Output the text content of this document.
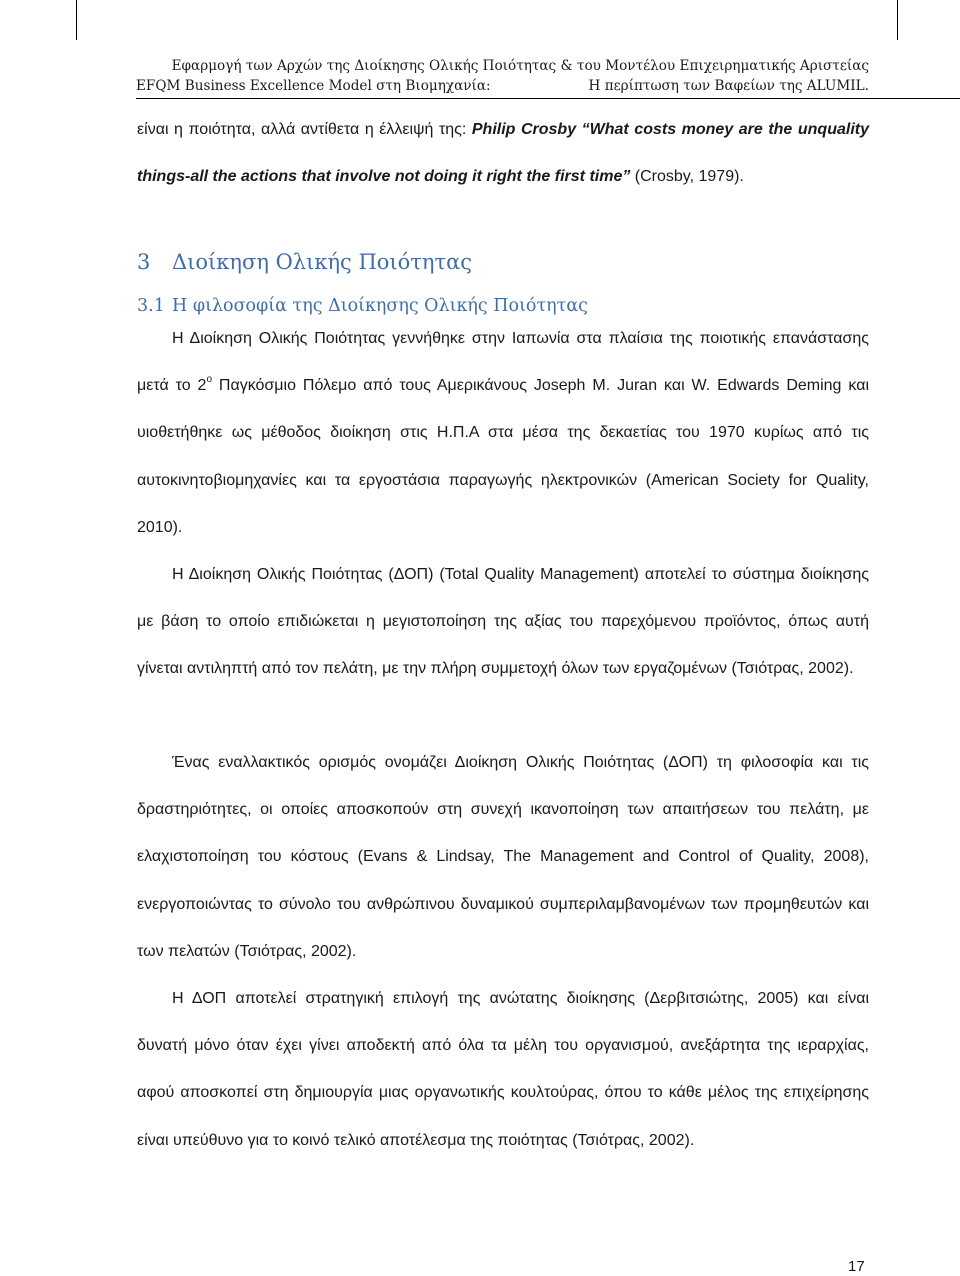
Εφαρμογή των Αρχών της Διοίκησης Ολικής Ποιότητας & του Μοντέλου Επιχειρηματικής Αριστείας
EFQM Business Excellence Model στη Βιομηχανία:	Η περίπτωση των Βαφείων της ALUMIL.
είναι η ποιότητα, αλλά αντίθετα η έλλειψή της: Philip Crosby “What costs money are the unquality things-all the actions that involve not doing it right the first time” (Crosby, 1979).
3 Διοίκηση Ολικής Ποιότητας
3.1 Η φιλοσοφία της Διοίκησης Ολικής Ποιότητας
Η Διοίκηση Ολικής Ποιότητας γεννήθηκε στην Ιαπωνία στα πλαίσια της ποιοτικής επανάστασης μετά το $2^o$ Παγκόσμιο Πόλεμο από τους Αμερικάνους Joseph M. Juran και W. Edwards Deming και υιοθετήθηκε ως μέθοδος διοίκηση στις Η.Π.Α στα μέσα της δεκαετίας του 1970 κυρίως από τις αυτοκινητοβιομηχανίες και τα εργοστάσια παραγωγής ηλεκτρονικών (American Society for Quality, 2010).
Η Διοίκηση Ολικής Ποιότητας (ΔΟΠ) (Total Quality Management) αποτελεί το σύστημα διοίκησης με βάση το οποίο επιδιώκεται η μεγιστοποίηση της αξίας του παρεχόμενου προϊόντος, όπως αυτή γίνεται αντιληπτή από τον πελάτη, με την πλήρη συμμετοχή όλων των εργαζομένων (Τσιότρας, 2002).
Ένας εναλλακτικός ορισμός ονομάζει Διοίκηση Ολικής Ποιότητας (ΔΟΠ) τη φιλοσοφία και τις δραστηριότητες, οι οποίες αποσκοπούν στη συνεχή ικανοποίηση των απαιτήσεων του πελάτη, με ελαχιστοποίηση του κόστους (Evans & Lindsay, The Management and Control of Quality, 2008), ενεργοποιώντας το σύνολο του ανθρώπινου δυναμικού συμπεριλαμβανομένων των προμηθευτών και των πελατών (Τσιότρας, 2002).
Η ΔΟΠ αποτελεί στρατηγική επιλογή της ανώτατης διοίκησης (Δερβιτσιώτης, 2005) και είναι δυνατή μόνο όταν έχει γίνει αποδεκτή από όλα τα μέλη του οργανισμού, ανεξάρτητα της ιεραρχίας, αφού αποσκοπεί στη δημιουργία μιας οργανωτικής κουλτούρας, όπου το κάθε μέλος της επιχείρησης είναι υπεύθυνο για το κοινό τελικό αποτέλεσμα της ποιότητας (Τσιότρας, 2002).
17
